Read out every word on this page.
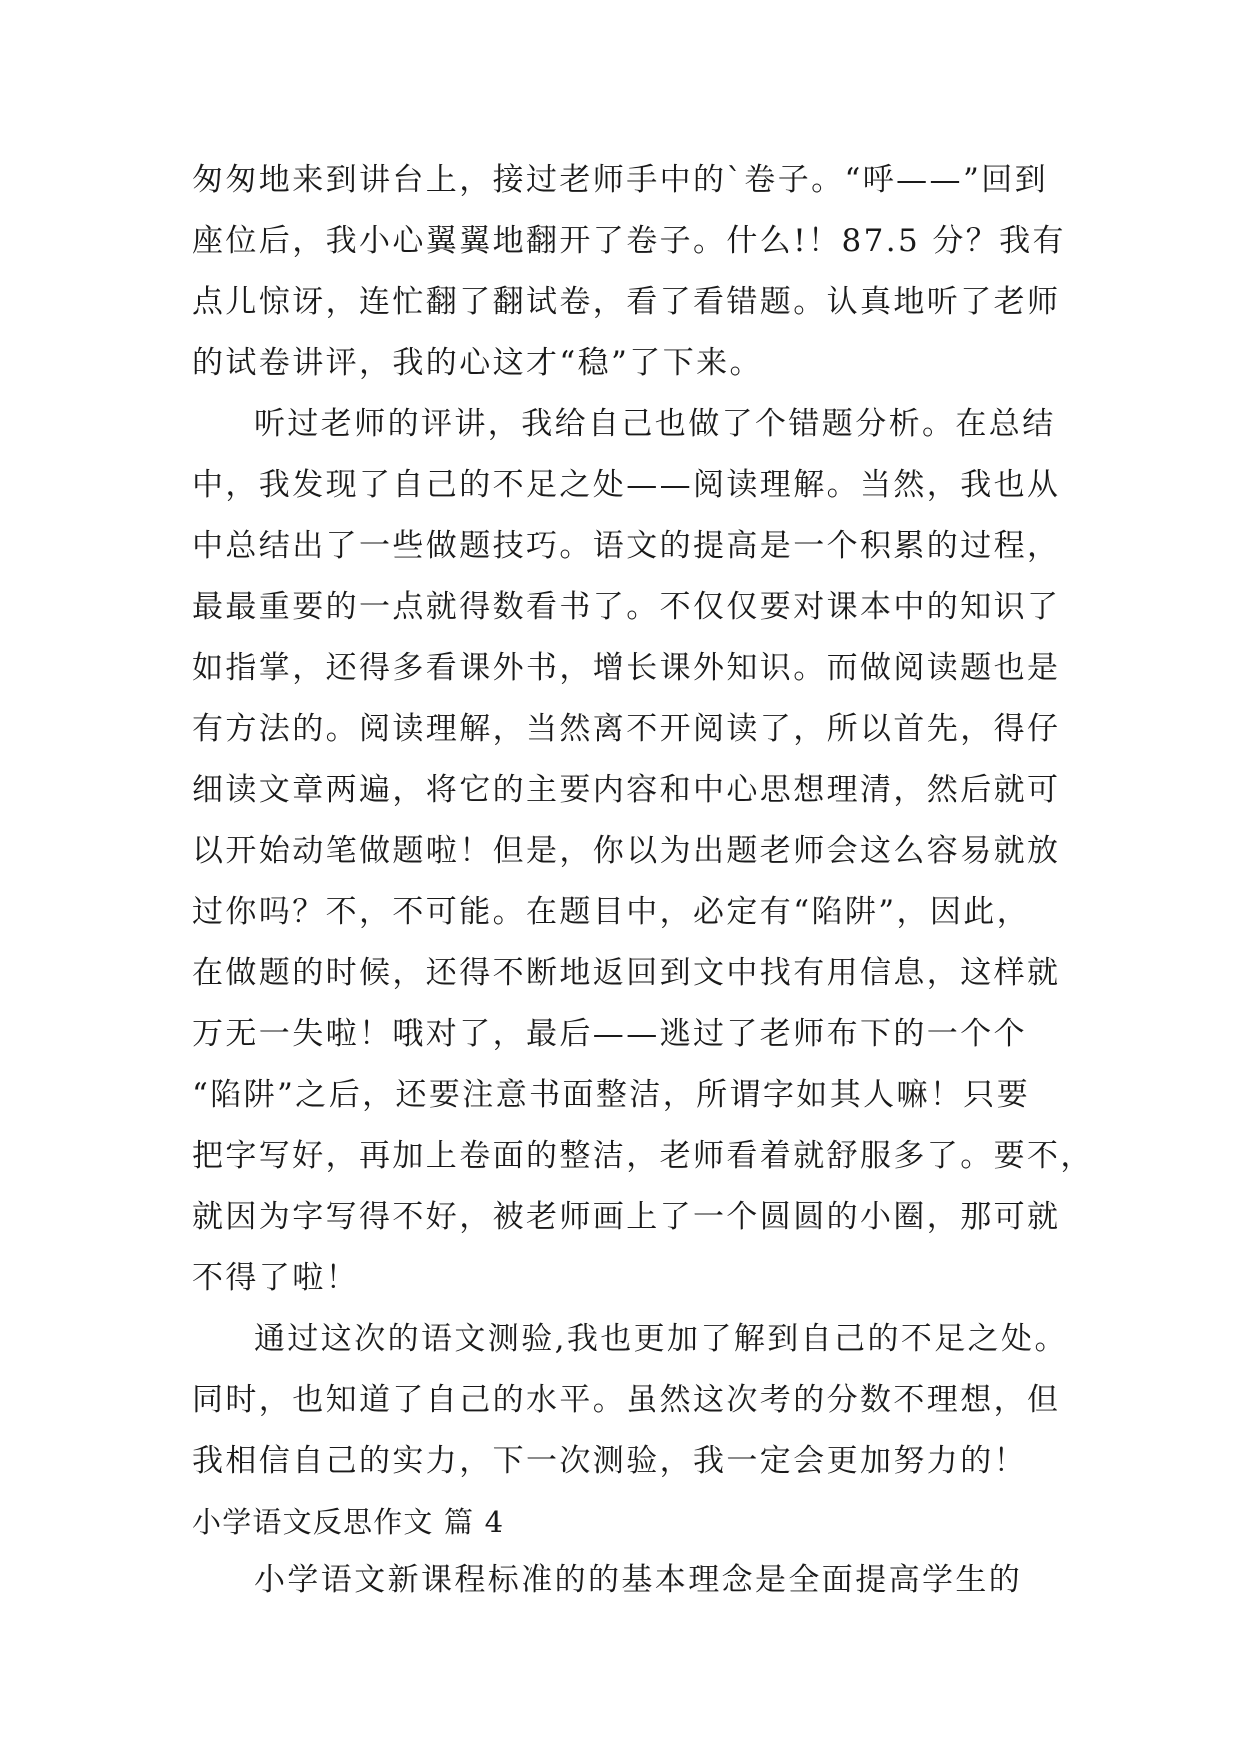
匆匆地来到讲台上，接过老师手中的`卷子。“呼——”回到
座位后，我小心翼翼地翻开了卷子。什么!！87.5 分？我有
点儿惊讶，连忙翻了翻试卷，看了看错题。认真地听了老师
的试卷讲评，我的心这才“稳”了下来。
听过老师的评讲，我给自己也做了个错题分析。在总结
中，我发现了自己的不足之处——阅读理解。当然，我也从
中总结出了一些做题技巧。语文的提高是一个积累的过程，
最最重要的一点就得数看书了。不仅仅要对课本中的知识了
如指掌，还得多看课外书，增长课外知识。而做阅读题也是
有方法的。阅读理解，当然离不开阅读了，所以首先，得仔
细读文章两遍，将它的主要内容和中心思想理清，然后就可
以开始动笔做题啦！但是，你以为出题老师会这么容易就放
过你吗？不，不可能。在题目中，必定有“陷阱”，因此，
在做题的时候，还得不断地返回到文中找有用信息，这样就
万无一失啦！哦对了，最后——逃过了老师布下的一个个
“陷阱”之后，还要注意书面整洁，所谓字如其人嘛！只要
把字写好，再加上卷面的整洁，老师看着就舒服多了。要不，
就因为字写得不好，被老师画上了一个圆圆的小圈，那可就
不得了啦！
通过这次的语文测验,我也更加了解到自己的不足之处。
同时，也知道了自己的水平。虽然这次考的分数不理想，但
我相信自己的实力，下一次测验，我一定会更加努力的！
小学语文反思作文 篇 4
小学语文新课程标准的的基本理念是全面提高学生的
